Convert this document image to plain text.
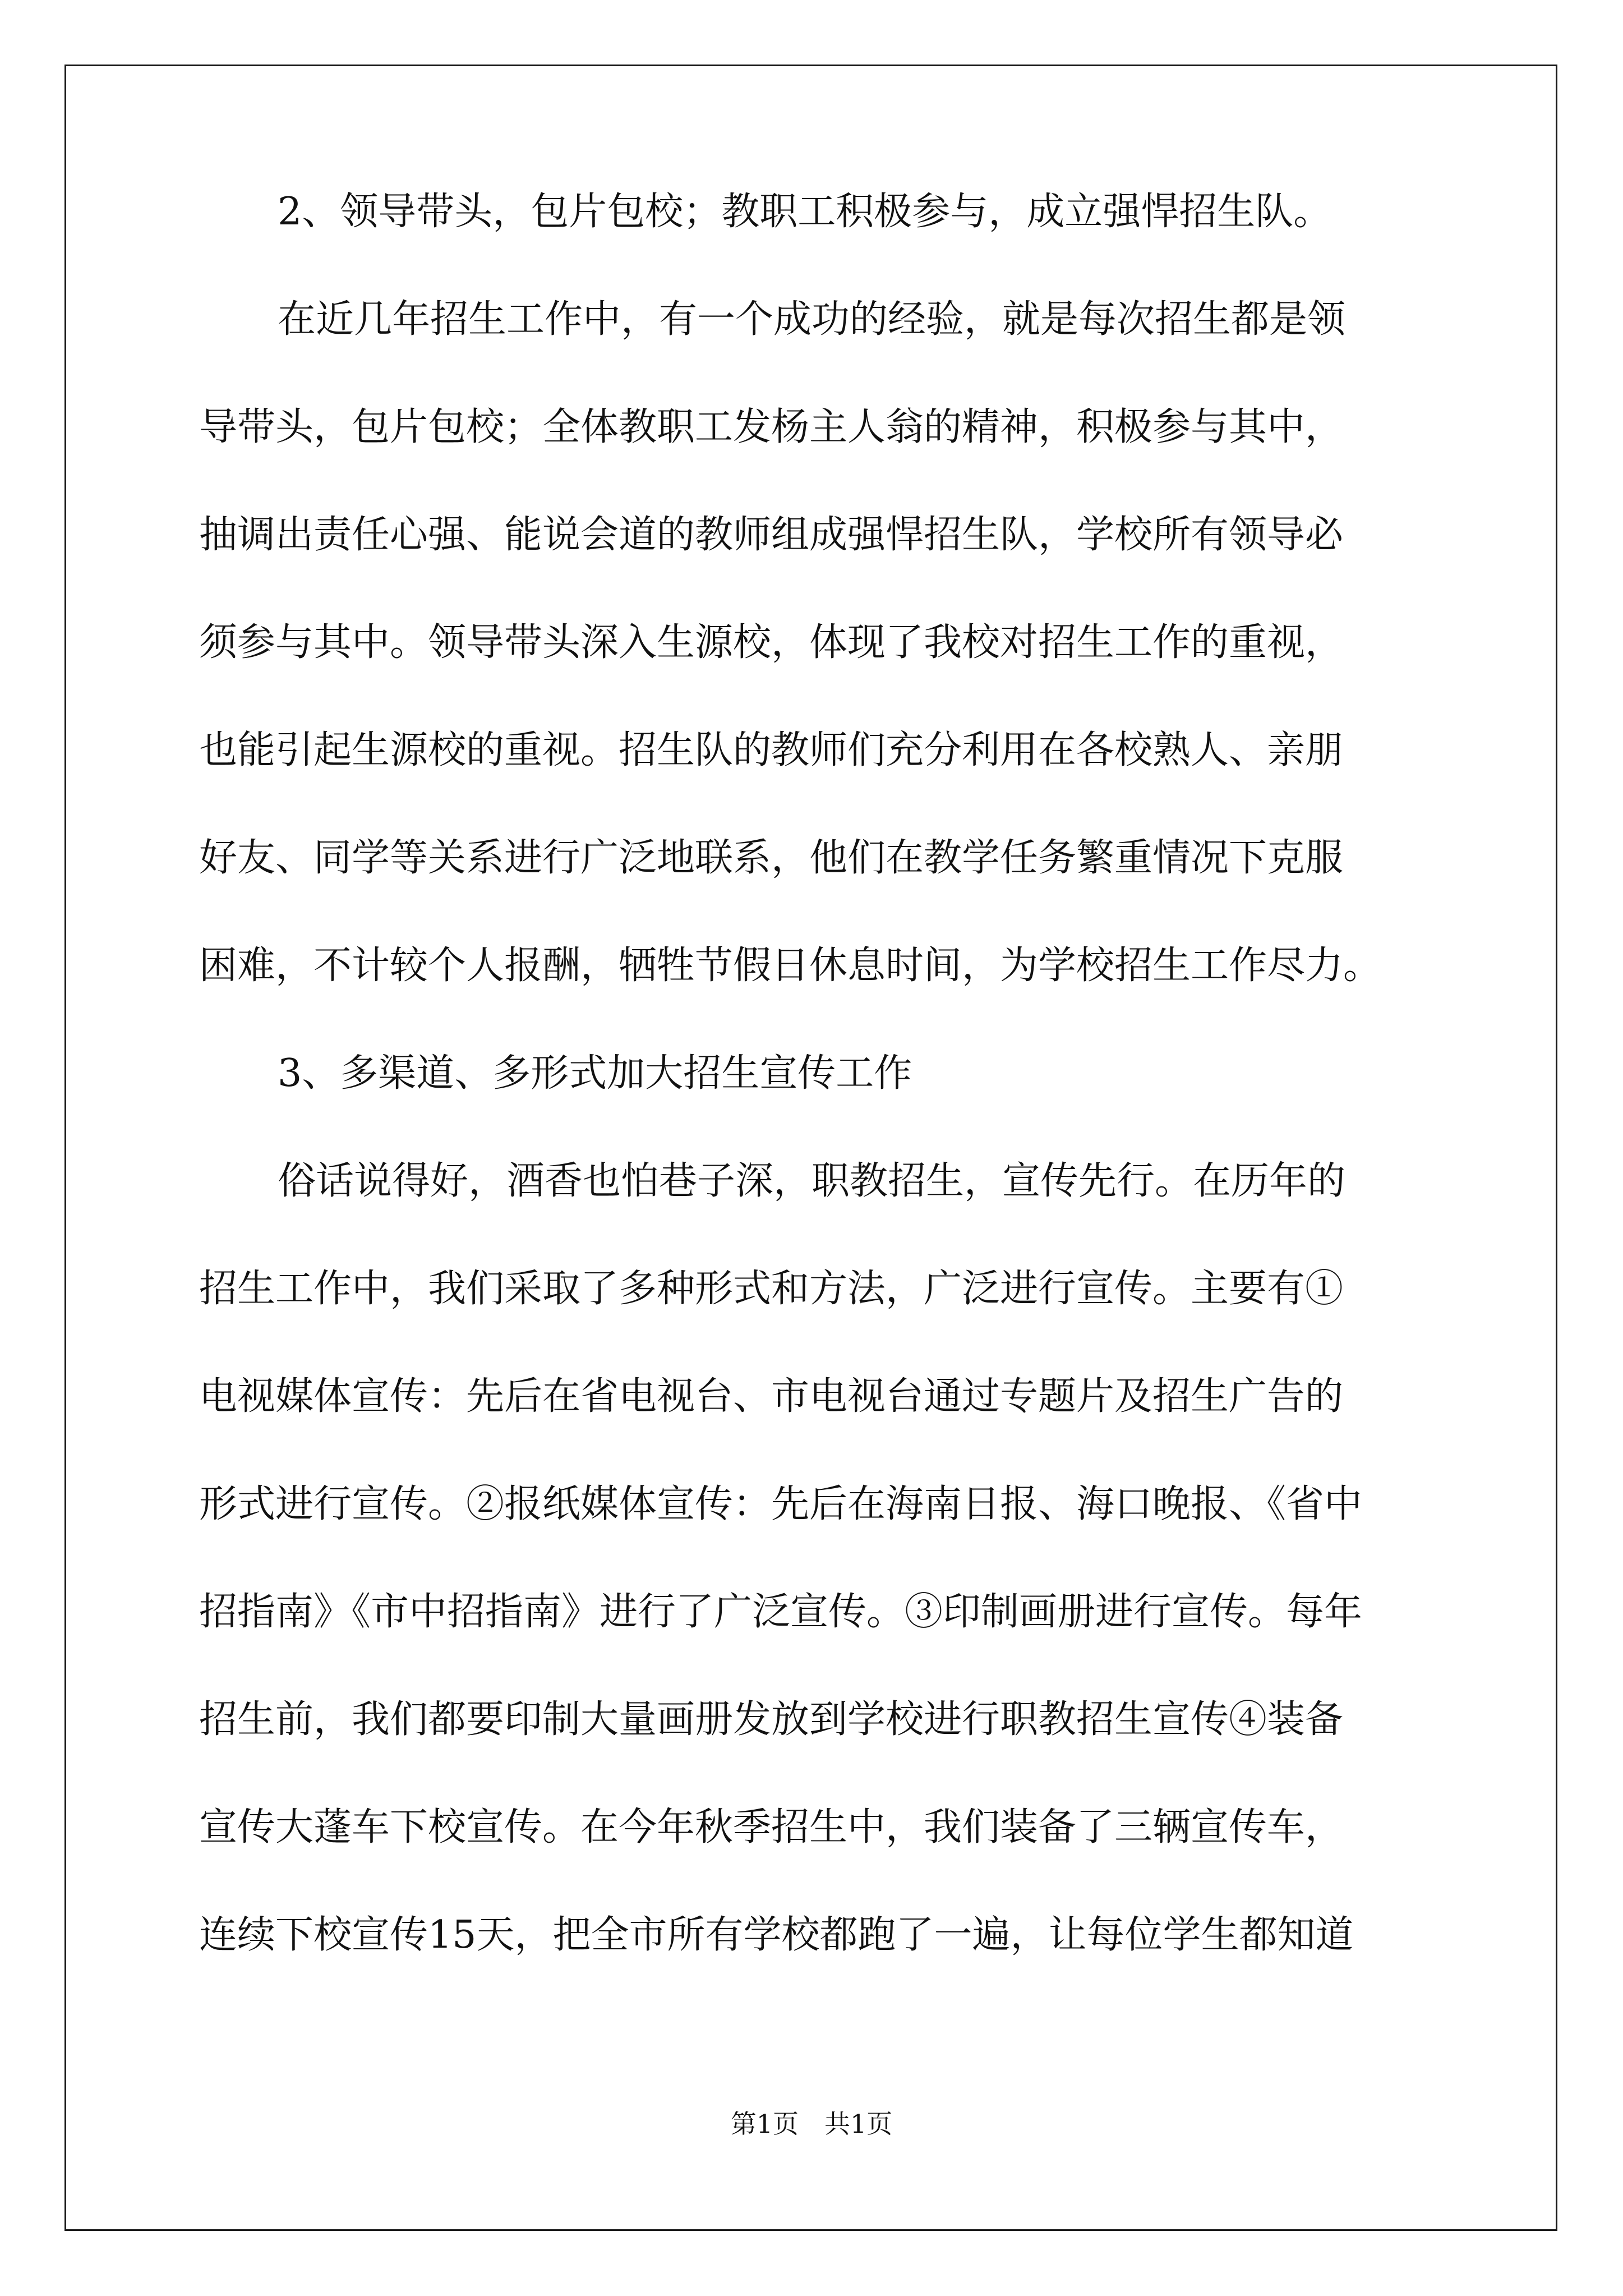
2、领导带头，包片包校；教职工积极参与，成立强悍招生队。
在近几年招生工作中，有一个成功的经验，就是每次招生都是领
导带头，包片包校；全体教职工发杨主人翁的精神，积极参与其中，
抽调出责任心强、能说会道的教师组成强悍招生队，学校所有领导必
须参与其中。领导带头深入生源校，体现了我校对招生工作的重视，
也能引起生源校的重视。招生队的教师们充分利用在各校熟人、亲朋
好友、同学等关系进行广泛地联系，他们在教学任务繁重情况下克服
困难，不计较个人报酬，牺牲节假日休息时间，为学校招生工作尽力。
3、多渠道、多形式加大招生宣传工作
俗话说得好，酒香也怕巷子深，职教招生，宣传先行。在历年的
招生工作中，我们采取了多种形式和方法，广泛进行宣传。主要有①
电视媒体宣传：先后在省电视台、市电视台通过专题片及招生广告的
形式进行宣传。②报纸媒体宣传：先后在海南日报、海口晚报、《省中
招指南》《市中招指南》进行了广泛宣传。③印制画册进行宣传。每年
招生前，我们都要印制大量画册发放到学校进行职教招生宣传④装备
宣传大蓬车下校宣传。在今年秋季招生中，我们装备了三辆宣传车，
连续下校宣传15天，把全市所有学校都跑了一遍，让每位学生都知道
第1页　共1页
